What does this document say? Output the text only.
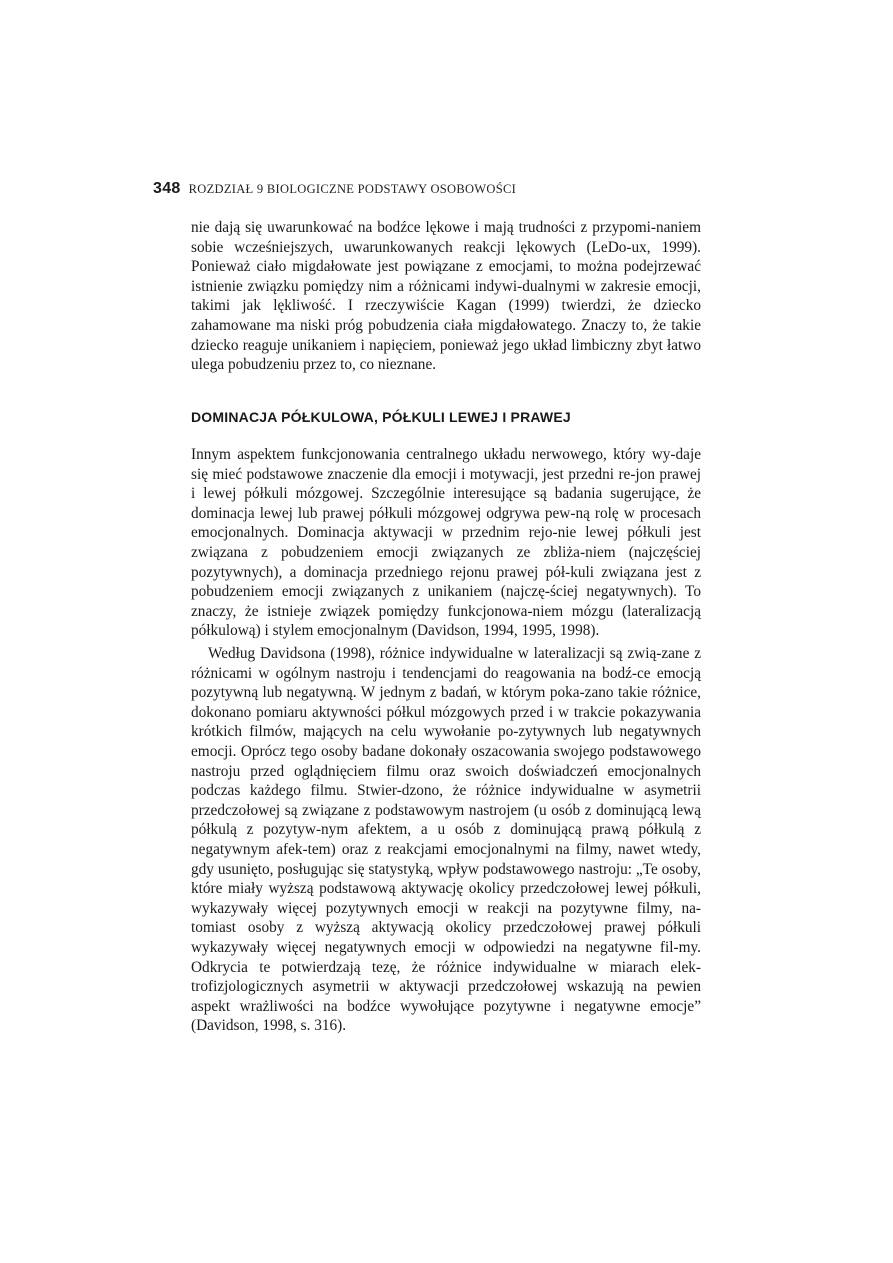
348 ROZDZIAŁ 9 BIOLOGICZNE PODSTAWY OSOBOWOŚCI

nie dają się uwarunkować na bodźce lękowe i mają trudności z przypomi-naniem sobie wcześniejszych, uwarunkowanych reakcji lękowych (LeDo-ux, 1999). Ponieważ ciało migdałowate jest powiązane z emocjami, to można podejrzewać istnienie związku pomiędzy nim a różnicami indywi-dualnymi w zakresie emocji, takimi jak lękliwość. I rzeczywiście Kagan (1999) twierdzi, że dziecko zahamowane ma niski próg pobudzenia ciała migdałowatego. Znaczy to, że takie dziecko reaguje unikaniem i napięciem, ponieważ jego układ limbiczny zbyt łatwo ulega pobudzeniu przez to, co nieznane.

DOMINACJA PÓŁKULOWA, PÓŁKULI LEWEJ I PRAWEJ

Innym aspektem funkcjonowania centralnego układu nerwowego, który wy-daje się mieć podstawowe znaczenie dla emocji i motywacji, jest przedni re-jon prawej i lewej półkuli mózgowej. Szczególnie interesujące są badania sugerujące, że dominacja lewej lub prawej półkuli mózgowej odgrywa pew-ną rolę w procesach emocjonalnych. Dominacja aktywacji w przednim rejo-nie lewej półkuli jest związana z pobudzeniem emocji związanych ze zbliża-niem (najczęściej pozytywnych), a dominacja przedniego rejonu prawej pół-kuli związana jest z pobudzeniem emocji związanych z unikaniem (najczę-ściej negatywnych). To znaczy, że istnieje związek pomiędzy funkcjonowa-niem mózgu (lateralizacją półkulową) i stylem emocjonalnym (Davidson, 1994, 1995, 1998).

Według Davidsona (1998), różnice indywidualne w lateralizacji są zwią-zane z różnicami w ogólnym nastroju i tendencjami do reagowania na bodź-ce emocją pozytywną lub negatywną. W jednym z badań, w którym poka-zano takie różnice, dokonano pomiaru aktywności półkul mózgowych przed i w trakcie pokazywania krótkich filmów, mających na celu wywołanie po-zytywnych lub negatywnych emocji. Oprócz tego osoby badane dokonały oszacowania swojego podstawowego nastroju przed oglądnięciem filmu oraz swoich doświadczeń emocjonalnych podczas każdego filmu. Stwier-dzono, że różnice indywidualne w asymetrii przedczołowej są związane z podstawowym nastrojem (u osób z dominującą lewą półkulą z pozytyw-nym afektem, a u osób z dominującą prawą półkulą z negatywnym afek-tem) oraz z reakcjami emocjonalnymi na filmy, nawet wtedy, gdy usunięto, posługując się statystyką, wpływ podstawowego nastroju: „Te osoby, które miały wyższą podstawową aktywację okolicy przedczołowej lewej półkuli, wykazywały więcej pozytywnych emocji w reakcji na pozytywne filmy, na-tomiast osoby z wyższą aktywacją okolicy przedczołowej prawej półkuli wykazywały więcej negatywnych emocji w odpowiedzi na negatywne fil-my. Odkrycia te potwierdzają tezę, że różnice indywidualne w miarach elek-trofizjologicznych asymetrii w aktywacji przedczołowej wskazują na pewien aspekt wrażliwości na bodźce wywołujące pozytywne i negatywne emocje” (Davidson, 1998, s. 316).
